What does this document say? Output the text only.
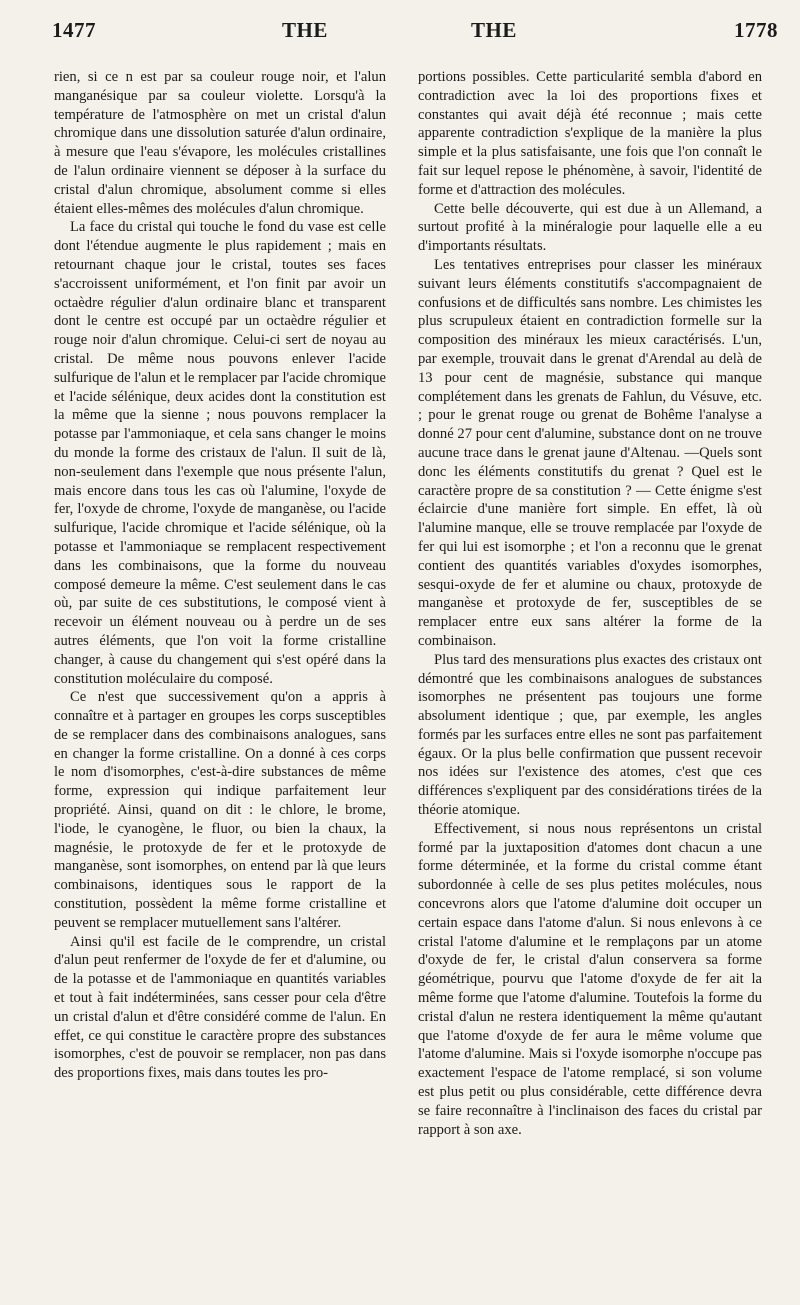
1477	THE	THE	1778

rien, si ce n est par sa couleur rouge noir, et l'alun manganésique par sa couleur violette. Lorsqu'à la température de l'atmosphère on met un cristal d'alun chromique dans une dissolution saturée d'alun ordinaire, à mesure que l'eau s'évapore, les molécules cristallines de l'alun ordinaire viennent se déposer à la surface du cristal d'alun chromique, absolument comme si elles étaient elles-mêmes des molécules d'alun chromique.

La face du cristal qui touche le fond du vase est celle dont l'étendue augmente le plus rapidement ; mais en retournant chaque jour le cristal, toutes ses faces s'accroissent uniformément, et l'on finit par avoir un octaèdre régulier d'alun ordinaire blanc et transparent dont le centre est occupé par un octaèdre régulier et rouge noir d'alun chromique. Celui-ci sert de noyau au cristal. De même nous pouvons enlever l'acide sulfurique de l'alun et le remplacer par l'acide chromique et l'acide sélénique, deux acides dont la constitution est la même que la sienne ; nous pouvons remplacer la potasse par l'ammoniaque, et cela sans changer le moins du monde la forme des cristaux de l'alun. Il suit de là, non-seulement dans l'exemple que nous présente l'alun, mais encore dans tous les cas où l'alumine, l'oxyde de fer, l'oxyde de chrome, l'oxyde de manganèse, ou l'acide sulfurique, l'acide chromique et l'acide sélénique, où la potasse et l'ammoniaque se remplacent respectivement dans les combinaisons, que la forme du nouveau composé demeure la même. C'est seulement dans le cas où, par suite de ces substitutions, le composé vient à recevoir un élément nouveau ou à perdre un de ses autres éléments, que l'on voit la forme cristalline changer, à cause du changement qui s'est opéré dans la constitution moléculaire du composé.

Ce n'est que successivement qu'on a appris à connaître et à partager en groupes les corps susceptibles de se remplacer dans des combinaisons analogues, sans en changer la forme cristalline. On a donné à ces corps le nom d'isomorphes, c'est-à-dire substances de même forme, expression qui indique parfaitement leur propriété. Ainsi, quand on dit : le chlore, le brome, l'iode, le cyanogène, le fluor, ou bien la chaux, la magnésie, le protoxyde de fer et le protoxyde de manganèse, sont isomorphes, on entend par là que leurs combinaisons, identiques sous le rapport de la constitution, possèdent la même forme cristalline et peuvent se remplacer mutuellement sans l'altérer.

Ainsi qu'il est facile de le comprendre, un cristal d'alun peut renfermer de l'oxyde de fer et d'alumine, ou de la potasse et de l'ammoniaque en quantités variables et tout à fait indéterminées, sans cesser pour cela d'être un cristal d'alun et d'être considéré comme de l'alun. En effet, ce qui constitue le caractère propre des substances isomorphes, c'est de pouvoir se remplacer, non pas dans des proportions fixes, mais dans toutes les pro-

portions possibles. Cette particularité sembla d'abord en contradiction avec la loi des proportions fixes et constantes qui avait déjà été reconnue ; mais cette apparente contradiction s'explique de la manière la plus simple et la plus satisfaisante, une fois que l'on connaît le fait sur lequel repose le phénomène, à savoir, l'identité de forme et d'attraction des molécules.

Cette belle découverte, qui est due à un Allemand, a surtout profité à la minéralogie pour laquelle elle a eu d'importants résultats.

Les tentatives entreprises pour classer les minéraux suivant leurs éléments constitutifs s'accompagnaient de confusions et de difficultés sans nombre. Les chimistes les plus scrupuleux étaient en contradiction formelle sur la composition des minéraux les mieux caractérisés. L'un, par exemple, trouvait dans le grenat d'Arendal au delà de 13 pour cent de magnésie, substance qui manque complétement dans les grenats de Fahlun, du Vésuve, etc. ; pour le grenat rouge ou grenat de Bohême l'analyse a donné 27 pour cent d'alumine, substance dont on ne trouve aucune trace dans le grenat jaune d'Altenau. —Quels sont donc les éléments constitutifs du grenat ? Quel est le caractère propre de sa constitution ? — Cette énigme s'est éclaircie d'une manière fort simple. En effet, là où l'alumine manque, elle se trouve remplacée par l'oxyde de fer qui lui est isomorphe ; et l'on a reconnu que le grenat contient des quantités variables d'oxydes isomorphes, sesqui-oxyde de fer et alumine ou chaux, protoxyde de manganèse et protoxyde de fer, susceptibles de se remplacer entre eux sans altérer la forme de la combinaison.

Plus tard des mensurations plus exactes des cristaux ont démontré que les combinaisons analogues de substances isomorphes ne présentent pas toujours une forme absolument identique ; que, par exemple, les angles formés par les surfaces entre elles ne sont pas parfaitement égaux. Or la plus belle confirmation que pussent recevoir nos idées sur l'existence des atomes, c'est que ces différences s'expliquent par des considérations tirées de la théorie atomique.

Effectivement, si nous nous représentons un cristal formé par la juxtaposition d'atomes dont chacun a une forme déterminée, et la forme du cristal comme étant subordonnée à celle de ses plus petites molécules, nous concevrons alors que l'atome d'alumine doit occuper un certain espace dans l'atome d'alun. Si nous enlevons à ce cristal l'atome d'alumine et le remplaçons par un atome d'oxyde de fer, le cristal d'alun conservera sa forme géométrique, pourvu que l'atome d'oxyde de fer ait la même forme que l'atome d'alumine. Toutefois la forme du cristal d'alun ne restera identiquement la même qu'autant que l'atome d'oxyde de fer aura le même volume que l'atome d'alumine. Mais si l'oxyde isomorphe n'occupe pas exactement l'espace de l'atome remplacé, si son volume est plus petit ou plus considérable, cette différence devra se faire reconnaître à l'inclinaison des faces du cristal par rapport à son axe.
